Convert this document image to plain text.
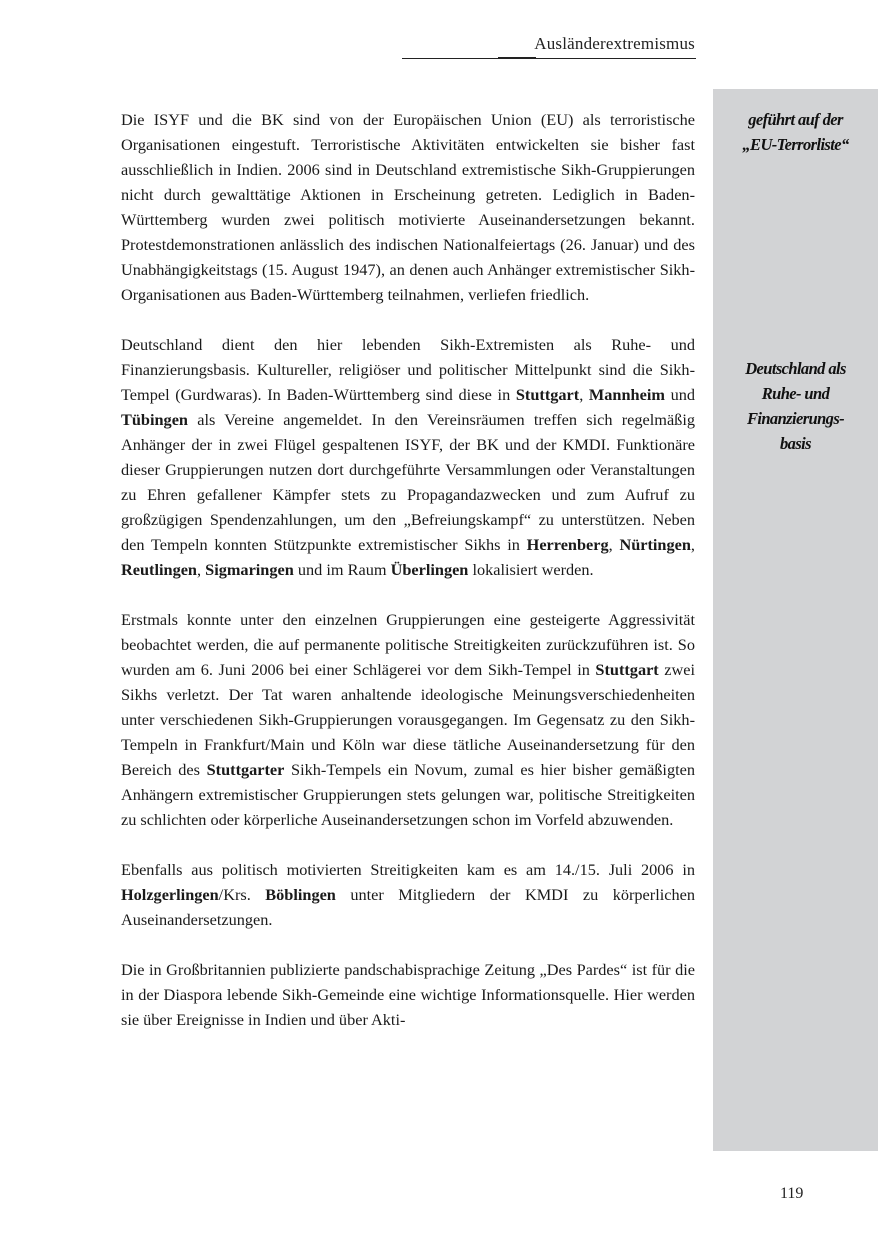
Ausländerextremismus
geführt auf der
„EU-Terrorliste“
Deutschland als
Ruhe- und
Finanzierungs-
basis

Die ISYF und die BK sind von der Europäischen Union (EU) als terroristische Organisationen eingestuft. Terroristische Aktivitäten entwickelten sie bisher fast ausschließlich in Indien. 2006 sind in Deutschland extremistische Sikh-Gruppierungen nicht durch gewalttätige Aktionen in Erscheinung getreten. Lediglich in Baden-Württemberg wurden zwei politisch motivierte Auseinandersetzungen bekannt. Protestdemonstrationen anlässlich des indischen Nationalfeiertags (26. Januar) und des Unabhängigkeitstags (15. August 1947), an denen auch Anhänger extremistischer Sikh-Organisationen aus Baden-Württemberg teilnahmen, verliefen friedlich.

Deutschland dient den hier lebenden Sikh-Extremisten als Ruhe- und Finanzierungsbasis. Kultureller, religiöser und politischer Mittelpunkt sind die Sikh-Tempel (Gurdwaras). In Baden-Württemberg sind diese in Stuttgart, Mannheim und Tübingen als Vereine angemeldet. In den Vereinsräumen treffen sich regelmäßig Anhänger der in zwei Flügel gespaltenen ISYF, der BK und der KMDI. Funktionäre dieser Gruppierungen nutzen dort durchgeführte Versammlungen oder Veranstaltungen zu Ehren gefallener Kämpfer stets zu Propagandazwecken und zum Aufruf zu großzügigen Spendenzahlungen, um den „Befreiungskampf“ zu unterstützen. Neben den Tempeln konnten Stützpunkte extremistischer Sikhs in Herrenberg, Nürtingen, Reutlingen, Sigmaringen und im Raum Überlingen lokalisiert werden.

Erstmals konnte unter den einzelnen Gruppierungen eine gesteigerte Aggressivität beobachtet werden, die auf permanente politische Streitigkeiten zurückzuführen ist. So wurden am 6. Juni 2006 bei einer Schlägerei vor dem Sikh-Tempel in Stuttgart zwei Sikhs verletzt. Der Tat waren anhaltende ideologische Meinungsverschiedenheiten unter verschiedenen Sikh-Gruppierungen vorausgegangen. Im Gegensatz zu den Sikh-Tempeln in Frankfurt/Main und Köln war diese tätliche Auseinandersetzung für den Bereich des Stuttgarter Sikh-Tempels ein Novum, zumal es hier bisher gemäßigten Anhängern extremistischer Gruppierungen stets gelungen war, politische Streitigkeiten zu schlichten oder körperliche Auseinandersetzungen schon im Vorfeld abzuwenden.

Ebenfalls aus politisch motivierten Streitigkeiten kam es am 14./15. Juli 2006 in Holzgerlingen/Krs. Böblingen unter Mitgliedern der KMDI zu körperlichen Auseinandersetzungen.

Die in Großbritannien publizierte pandschabisprachige Zeitung „Des Pardes“ ist für die in der Diaspora lebende Sikh-Gemeinde eine wichtige Informationsquelle. Hier werden sie über Ereignisse in Indien und über Akti-

119
